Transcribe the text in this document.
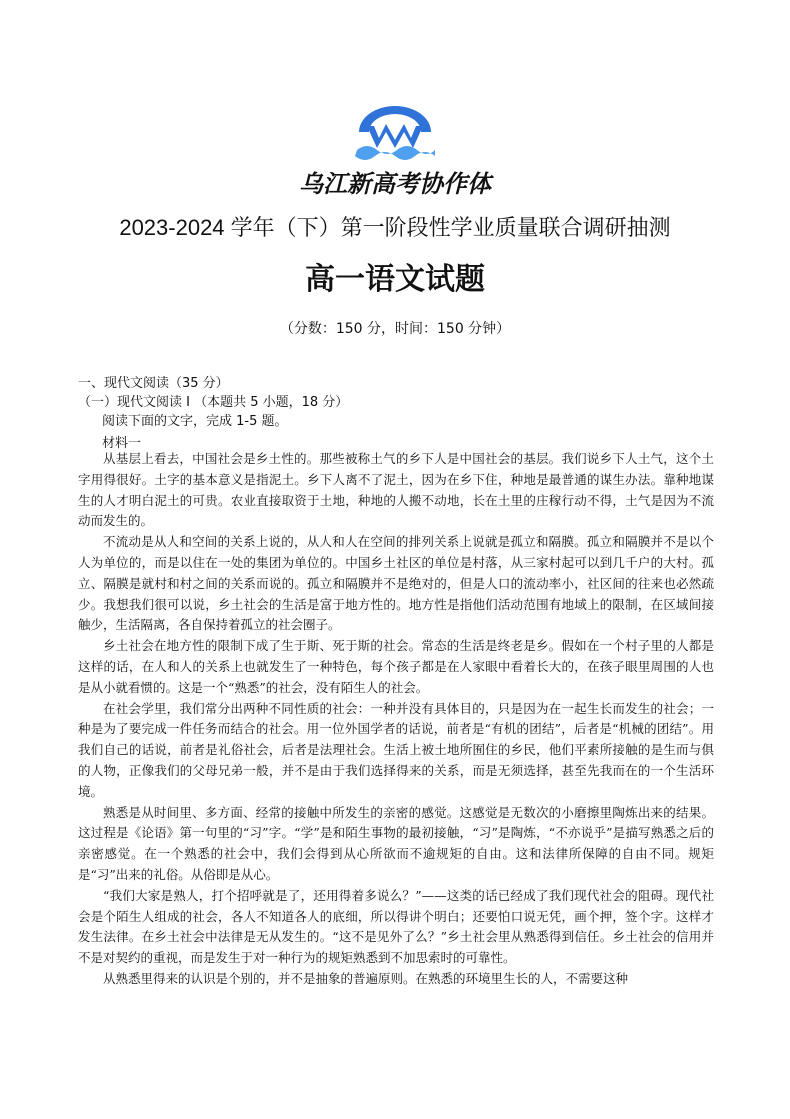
乌江新高考协作体
2023-2024 学年（下）第一阶段性学业质量联合调研抽测
高一语文试题
（分数：150 分，时间：150 分钟）
一、现代文阅读（35 分）
（一）现代文阅读 Ⅰ （本题共 5 小题，18 分）
阅读下面的文字，完成 1-5 题。
材料一

从基层上看去，中国社会是乡土性的。那些被称土气的乡下人是中国社会的基层。我们说乡下人土气，这个土字用得很好。土字的基本意义是指泥土。乡下人离不了泥土，因为在乡下住，种地是最普通的谋生办法。靠种地谋生的人才明白泥土的可贵。农业直接取资于土地，种地的人搬不动地，长在土里的庄稼行动不得，土气是因为不流动而发生的。

不流动是从人和空间的关系上说的，从人和人在空间的排列关系上说就是孤立和隔膜。孤立和隔膜并不是以个人为单位的，而是以住在一处的集团为单位的。中国乡土社区的单位是村落，从三家村起可以到几千户的大村。孤立、隔膜是就村和村之间的关系而说的。孤立和隔膜并不是绝对的，但是人口的流动率小，社区间的往来也必然疏少。我想我们很可以说，乡土社会的生活是富于地方性的。地方性是指他们活动范围有地域上的限制，在区域间接触少，生活隔离，各自保持着孤立的社会圈子。

乡土社会在地方性的限制下成了生于斯、死于斯的社会。常态的生活是终老是乡。假如在一个村子里的人都是这样的话，在人和人的关系上也就发生了一种特色，每个孩子都是在人家眼中看着长大的，在孩子眼里周围的人也是从小就看惯的。这是一个“熟悉”的社会，没有陌生人的社会。

在社会学里，我们常分出两种不同性质的社会：一种并没有具体目的，只是因为在一起生长而发生的社会；一种是为了要完成一件任务而结合的社会。用一位外国学者的话说，前者是“有机的团结”，后者是“机械的团结”。用我们自己的话说，前者是礼俗社会，后者是法理社会。生活上被土地所囿住的乡民，他们平素所接触的是生而与俱的人物，正像我们的父母兄弟一般，并不是由于我们选择得来的关系，而是无须选择，甚至先我而在的一个生活环境。

熟悉是从时间里、多方面、经常的接触中所发生的亲密的感觉。这感觉是无数次的小磨擦里陶炼出来的结果。这过程是《论语》第一句里的“习”字。“学”是和陌生事物的最初接触，“习”是陶炼，“不亦说乎”是描写熟悉之后的亲密感觉。在一个熟悉的社会中，我们会得到从心所欲而不逾规矩的自由。这和法律所保障的自由不同。规矩是“习”出来的礼俗。从俗即是从心。

“我们大家是熟人，打个招呼就是了，还用得着多说么？”——这类的话已经成了我们现代社会的阻碍。现代社会是个陌生人组成的社会，各人不知道各人的底细，所以得讲个明白；还要怕口说无凭，画个押，签个字。这样才发生法律。在乡土社会中法律是无从发生的。“这不是见外了么？”乡土社会里从熟悉得到信任。乡土社会的信用并不是对契约的重视，而是发生于对一种行为的规矩熟悉到不加思索时的可靠性。

从熟悉里得来的认识是个别的，并不是抽象的普遍原则。在熟悉的环境里生长的人，不需要这种
